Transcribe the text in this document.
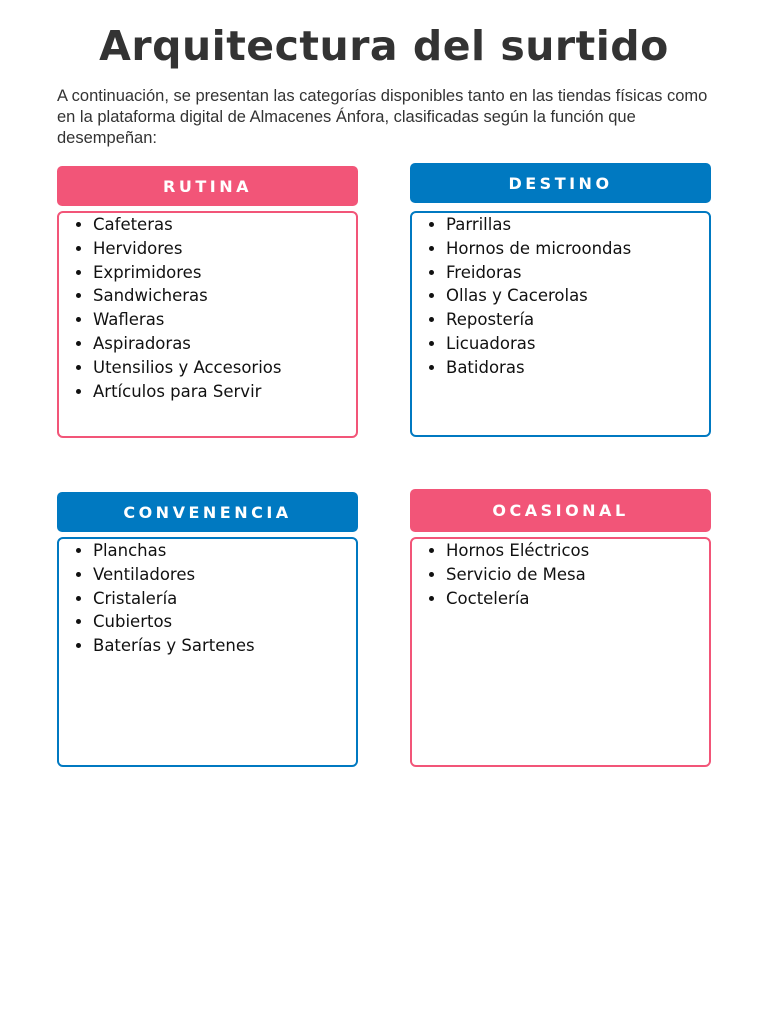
Arquitectura del surtido
A continuación, se presentan las categorías disponibles tanto en las tiendas físicas como en la plataforma digital de Almacenes Ánfora, clasificadas según la función que desempeñan:
RUTINA
• Cafeteras
• Hervidores
• Exprimidores
• Sandwicheras
• Wafleras
• Aspiradoras
• Utensilios y Accesorios
• Artículos para Servir
DESTINO
• Parrillas
• Hornos de microondas
• Freidoras
• Ollas y Cacerolas
• Repostería
• Licuadoras
• Batidoras
CONVENENCIA
• Planchas
• Ventiladores
• Cristalería
• Cubiertos
• Baterías y Sartenes
OCASIONAL
• Hornos Eléctricos
• Servicio de Mesa
• Coctelería
